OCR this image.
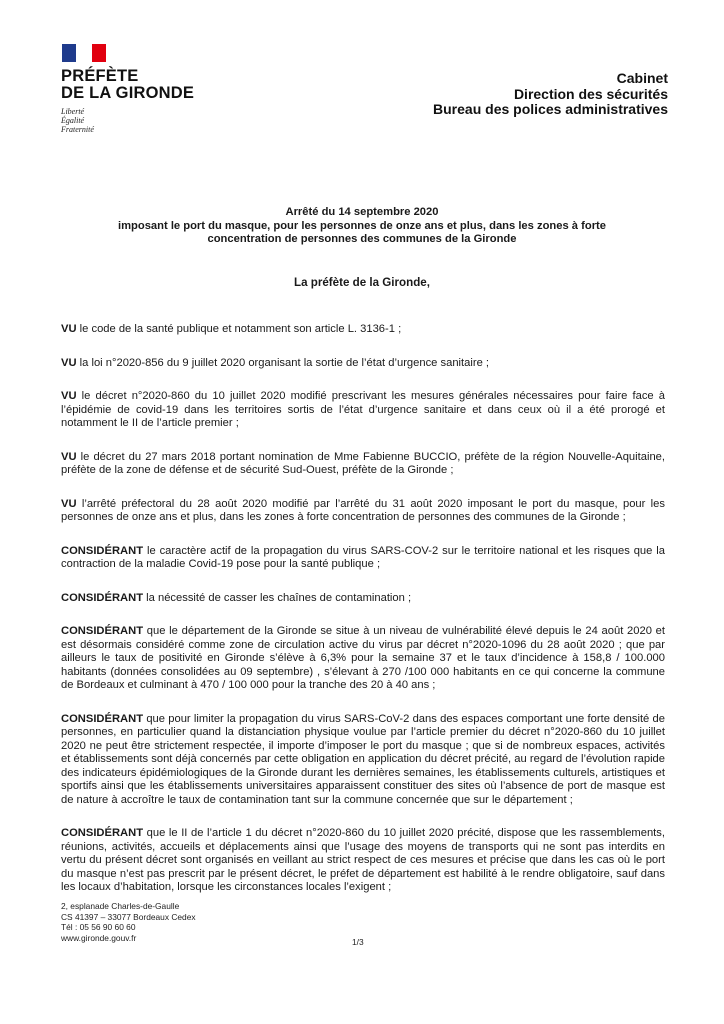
PRÉFÈTE
DE LA GIRONDE
Liberté
Égalité
Fraternité
Cabinet
Direction des sécurités
Bureau des polices administratives
Arrêté du 14 septembre 2020
imposant le port du masque, pour les personnes de onze ans et plus, dans les zones à forte
concentration de personnes des communes de la Gironde
La préfète de la Gironde,

VU le code de la santé publique et notamment son article L. 3136-1 ;

VU la loi n°2020-856 du 9 juillet 2020 organisant la sortie de l’état d’urgence sanitaire ;

VU le décret n°2020-860 du 10 juillet 2020 modifié prescrivant les mesures générales nécessaires pour faire face à l’épidémie de covid-19 dans les territoires sortis de l’état d’urgence sanitaire et dans ceux où il a été prorogé et notamment le II de l’article premier ;

VU le décret du 27 mars 2018 portant nomination de Mme Fabienne BUCCIO, préfète de la région Nouvelle-Aquitaine, préfète de la zone de défense et de sécurité Sud-Ouest, préfète de la Gironde ;

VU l’arrêté préfectoral du 28 août 2020 modifié par l’arrêté du 31 août 2020 imposant le port du masque, pour les personnes de onze ans et plus, dans les zones à forte concentration de personnes des communes de la Gironde ;

CONSIDÉRANT le caractère actif de la propagation du virus SARS-COV-2 sur le territoire national et les risques que la contraction de la maladie Covid-19 pose pour la santé publique ;

CONSIDÉRANT la nécessité de casser les chaînes de contamination ;

CONSIDÉRANT que le département de la Gironde se situe à un niveau de vulnérabilité élevé depuis le 24 août 2020 et est désormais considéré comme zone de circulation active du virus par décret n°2020-1096 du 28 août 2020 ; que par ailleurs le taux de positivité en Gironde s’élève à 6,3% pour la semaine 37 et le taux d’incidence à 158,8 / 100.000 habitants (données consolidées au 09 septembre) , s’élevant à 270 /100 000 habitants en ce qui concerne la commune de Bordeaux et culminant à 470 / 100 000 pour la tranche des 20 à 40 ans ;

CONSIDÉRANT que pour limiter la propagation du virus SARS-CoV-2 dans des espaces comportant une forte densité de personnes, en particulier quand la distanciation physique voulue par l’article premier du décret n°2020-860 du 10 juillet 2020 ne peut être strictement respectée, il importe d’imposer le port du masque ; que si de nombreux espaces, activités et établissements sont déjà concernés par cette obligation en application du décret précité, au regard de l’évolution rapide des indicateurs épidémiologiques de la Gironde durant les dernières semaines, les établissements culturels, artistiques et sportifs ainsi que les établissements universitaires apparaissent constituer des sites où l’absence de port de masque est de nature à accroître le taux de contamination tant sur la commune concernée que sur le département ;

CONSIDÉRANT que le II de l’article 1 du décret n°2020-860 du 10 juillet 2020 précité, dispose que les rassemblements, réunions, activités, accueils et déplacements ainsi que l’usage des moyens de transports qui ne sont pas interdits en vertu du présent décret sont organisés en veillant au strict respect de ces mesures et précise que dans les cas où le port du masque n’est pas prescrit par le présent décret, le préfet de département est habilité à le rendre obligatoire, sauf dans les locaux d’habitation, lorsque les circonstances locales l’exigent ;

2, esplanade Charles-de-Gaulle
CS 41397 – 33077 Bordeaux Cedex
Tél : 05 56 90 60 60
www.gironde.gouv.fr	1/3
